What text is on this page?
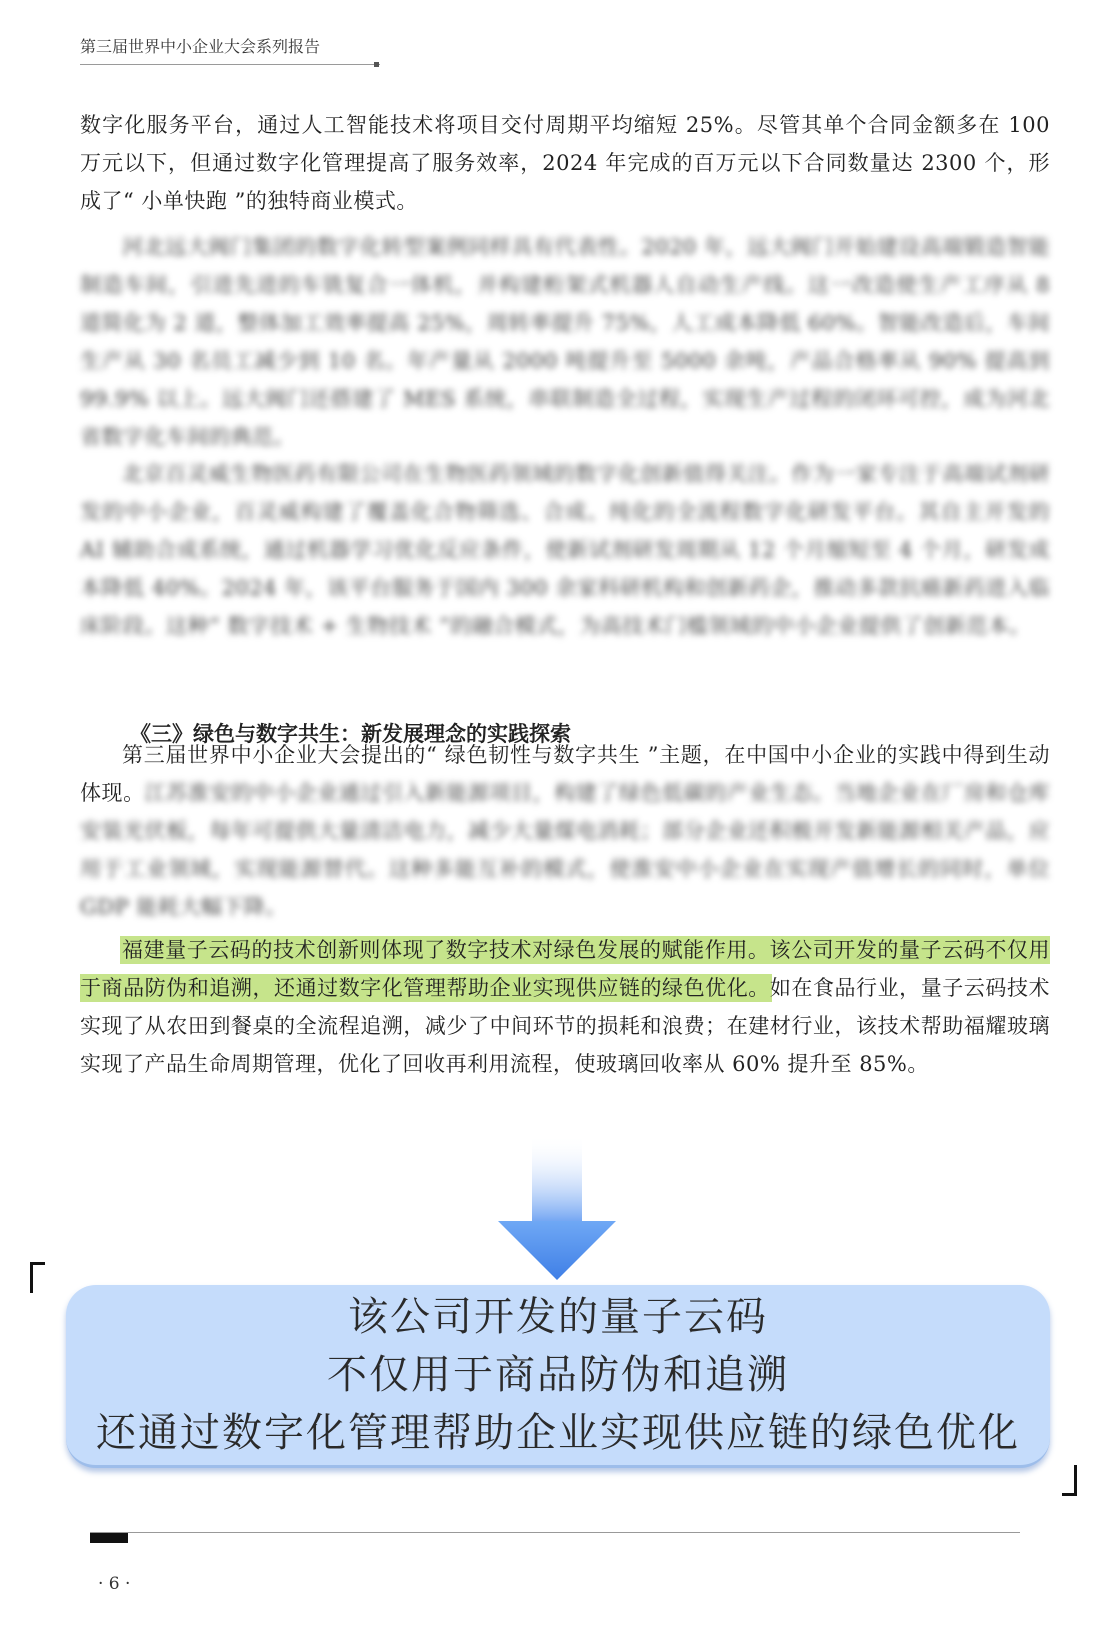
第三届世界中小企业大会系列报告

数字化服务平台，通过人工智能技术将项目交付周期平均缩短 25%。尽管其单个合同金额多在 100 万元以下，但通过数字化管理提高了服务效率，2024 年完成的百万元以下合同数量达 2300 个，形成了“ 小单快跑 ”的独特商业模式。

河北远大阀门集团的数字化转型案例同样具有代表性。2020 年，远大阀门开始建设高端锻造智能制造车间，引进先进的车铣复合一体机，并构建桁架式机器人自动生产线。这一改造使生产工序从 8 道简化为 2 道，整体加工效率提高 25%，周转率提升 75%，人工成本降低 60%。智能改造后，车间生产从 30 名员工减少到 10 名。年产量从 2000 吨提升至 5000 余吨，产品合格率从 90% 提高到 99.9% 以上。远大阀门还搭建了 MES 系统，串联制造全过程，实现生产过程的闭环可控，成为河北省数字化车间的典范。

北京百灵威生物医药有限公司在生物医药领域的数字化创新值得关注。作为一家专注于高端试剂研发的中小企业，百灵威构建了覆盖化合物筛选、合成、纯化的全流程数字化研发平台。其自主开发的 AI 辅助合成系统，通过机器学习优化反应条件，使新试剂研发周期从 12 个月缩短至 4 个月，研发成本降低 40%。2024 年，该平台服务于国内 300 余家科研机构和创新药企，推动多款抗癌新药进入临床阶段。这种“ 数字技术 + 生物技术 ”的融合模式，为高技术门槛领域的中小企业提供了创新范本。

《三》绿色与数字共生：新发展理念的实践探索

第三届世界中小企业大会提出的“ 绿色韧性与数字共生 ”主题，在中国中小企业的实践中得到生动体现。江苏淮安的中小企业通过引入新能源项目，构建了绿色低碳的产业生态。当地企业在厂房和仓库安装光伏板，每年可提供大量清洁电力，减少大量煤电消耗；部分企业还积极开发新能源相关产品，应用于工业领域，实现能源替代。这种多能互补的模式，使淮安中小企业在实现产值增长的同时，单位 GDP 能耗大幅下降。

福建量子云码的技术创新则体现了数字技术对绿色发展的赋能作用。该公司开发的量子云码不仅用于商品防伪和追溯，还通过数字化管理帮助企业实现供应链的绿色优化。如在食品行业，量子云码技术实现了从农田到餐桌的全流程追溯，减少了中间环节的损耗和浪费；在建材行业，该技术帮助福耀玻璃实现了产品生命周期管理，优化了回收再利用流程，使玻璃回收率从 60% 提升至 85%。

该公司开发的量子云码
不仅用于商品防伪和追溯
还通过数字化管理帮助企业实现供应链的绿色优化
· 6 ·
